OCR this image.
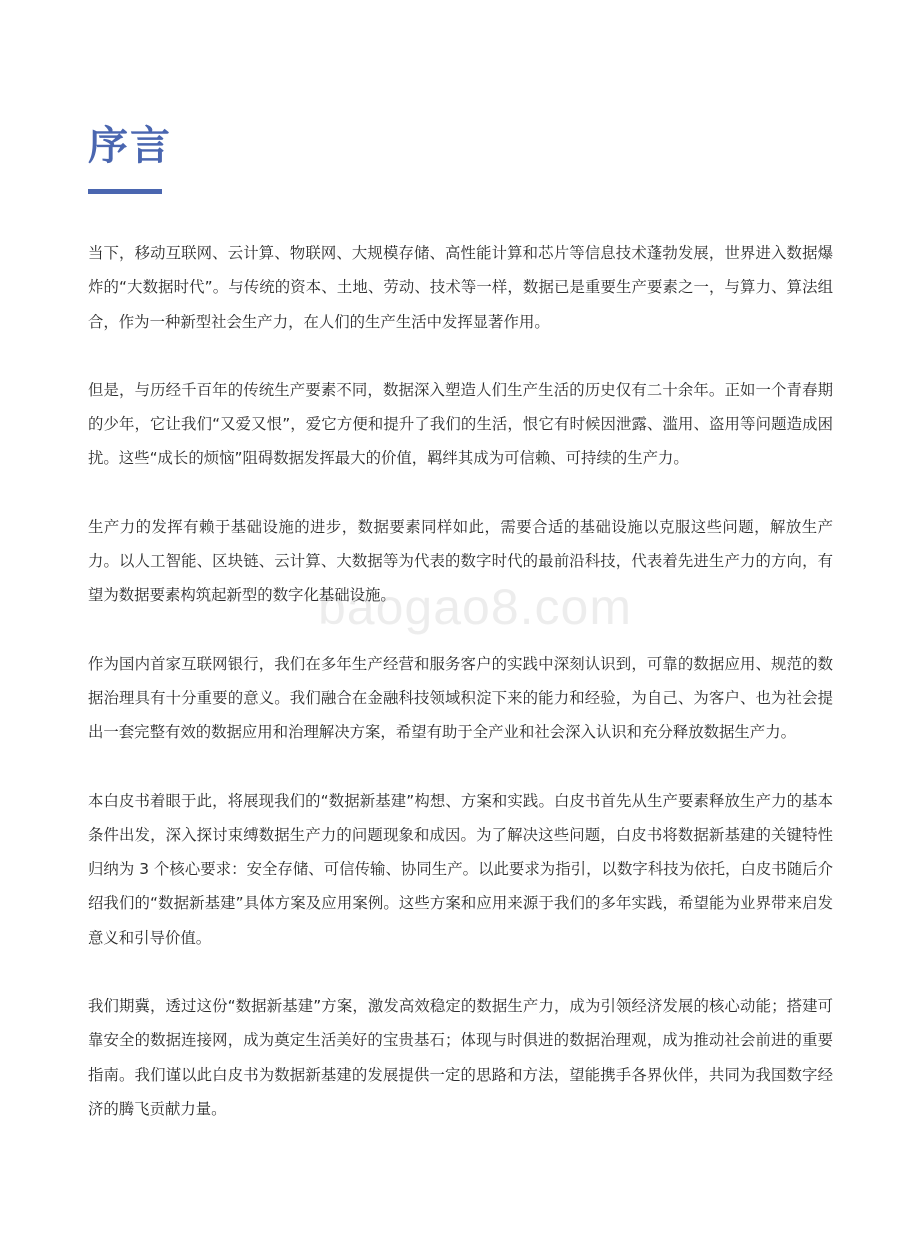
序言

当下，移动互联网、云计算、物联网、大规模存储、高性能计算和芯片等信息技术蓬勃发展，世界进入数据爆炸的“大数据时代”。与传统的资本、土地、劳动、技术等一样，数据已是重要生产要素之一，与算力、算法组合，作为一种新型社会生产力，在人们的生产生活中发挥显著作用。

但是，与历经千百年的传统生产要素不同，数据深入塑造人们生产生活的历史仅有二十余年。正如一个青春期的少年，它让我们“又爱又恨”，爱它方便和提升了我们的生活，恨它有时候因泄露、滥用、盗用等问题造成困扰。这些“成长的烦恼”阻碍数据发挥最大的价值，羁绊其成为可信赖、可持续的生产力。

生产力的发挥有赖于基础设施的进步，数据要素同样如此，需要合适的基础设施以克服这些问题，解放生产力。以人工智能、区块链、云计算、大数据等为代表的数字时代的最前沿科技，代表着先进生产力的方向，有望为数据要素构筑起新型的数字化基础设施。

作为国内首家互联网银行，我们在多年生产经营和服务客户的实践中深刻认识到，可靠的数据应用、规范的数据治理具有十分重要的意义。我们融合在金融科技领域积淀下来的能力和经验，为自己、为客户、也为社会提出一套完整有效的数据应用和治理解决方案，希望有助于全产业和社会深入认识和充分释放数据生产力。

本白皮书着眼于此，将展现我们的“数据新基建”构想、方案和实践。白皮书首先从生产要素释放生产力的基本条件出发，深入探讨束缚数据生产力的问题现象和成因。为了解决这些问题，白皮书将数据新基建的关键特性归纳为 3 个核心要求：安全存储、可信传输、协同生产。以此要求为指引，以数字科技为依托，白皮书随后介绍我们的“数据新基建”具体方案及应用案例。这些方案和应用来源于我们的多年实践，希望能为业界带来启发意义和引导价值。

我们期冀，透过这份“数据新基建”方案，激发高效稳定的数据生产力，成为引领经济发展的核心动能；搭建可靠安全的数据连接网，成为奠定生活美好的宝贵基石；体现与时俱进的数据治理观，成为推动社会前进的重要指南。我们谨以此白皮书为数据新基建的发展提供一定的思路和方法，望能携手各界伙伴，共同为我国数字经济的腾飞贡献力量。

baogao8.com
